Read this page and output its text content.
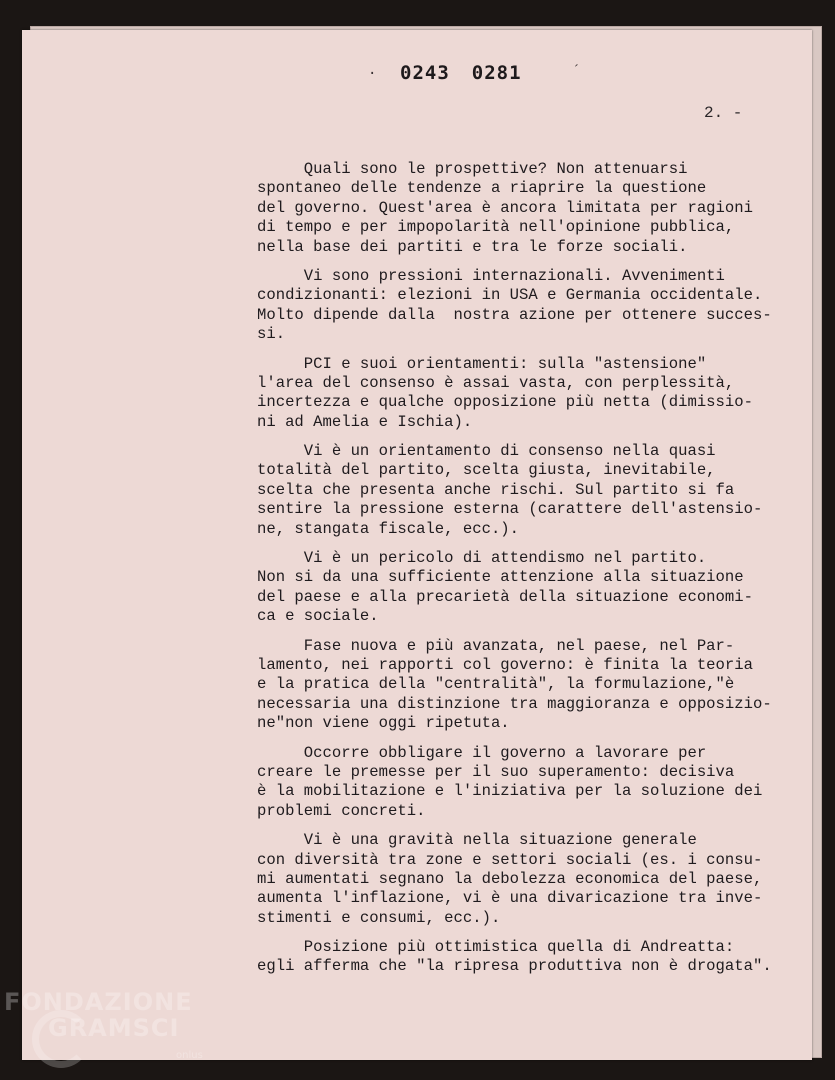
· 0243 0281	ˊ
2. -
Quali sono le prospettive? Non attenuarsi
spontaneo delle tendenze a riaprire la questione
del governo. Quest'area è ancora limitata per ragioni
di tempo e per impopolarità nell'opinione pubblica,
nella base dei partiti e tra le forze sociali.
Vi sono pressioni internazionali. Avvenimenti
condizionanti: elezioni in USA e Germania occidentale.
Molto dipende dalla  nostra azione per ottenere succes-
si.
PCI e suoi orientamenti: sulla "astensione"
l'area del consenso è assai vasta, con perplessità,
incertezza e qualche opposizione più netta (dimissio-
ni ad Amelia e Ischia).
Vi è un orientamento di consenso nella quasi
totalità del partito, scelta giusta, inevitabile,
scelta che presenta anche rischi. Sul partito si fa
sentire la pressione esterna (carattere dell'astensio-
ne, stangata fiscale, ecc.).
Vi è un pericolo di attendismo nel partito.
Non si da una sufficiente attenzione alla situazione
del paese e alla precarietà della situazione economi-
ca e sociale.
Fase nuova e più avanzata, nel paese, nel Par-
lamento, nei rapporti col governo: è finita la teoria
e la pratica della "centralità", la formulazione,"è
necessaria una distinzione tra maggioranza e opposizio-
ne"non viene oggi ripetuta.
Occorre obbligare il governo a lavorare per
creare le premesse per il suo superamento: decisiva
è la mobilitazione e l'iniziativa per la soluzione dei
problemi concreti.
Vi è una gravità nella situazione generale
con diversità tra zone e settori sociali (es. i consu-
mi aumentati segnano la debolezza economica del paese,
aumenta l'inflazione, vi è una divaricazione tra inve-
stimenti e consumi, ecc.).
Posizione più ottimistica quella di Andreatta:
egli afferma che "la ripresa produttiva non è drogata".
FONDAZIONE
GRAMSCI
onlus
